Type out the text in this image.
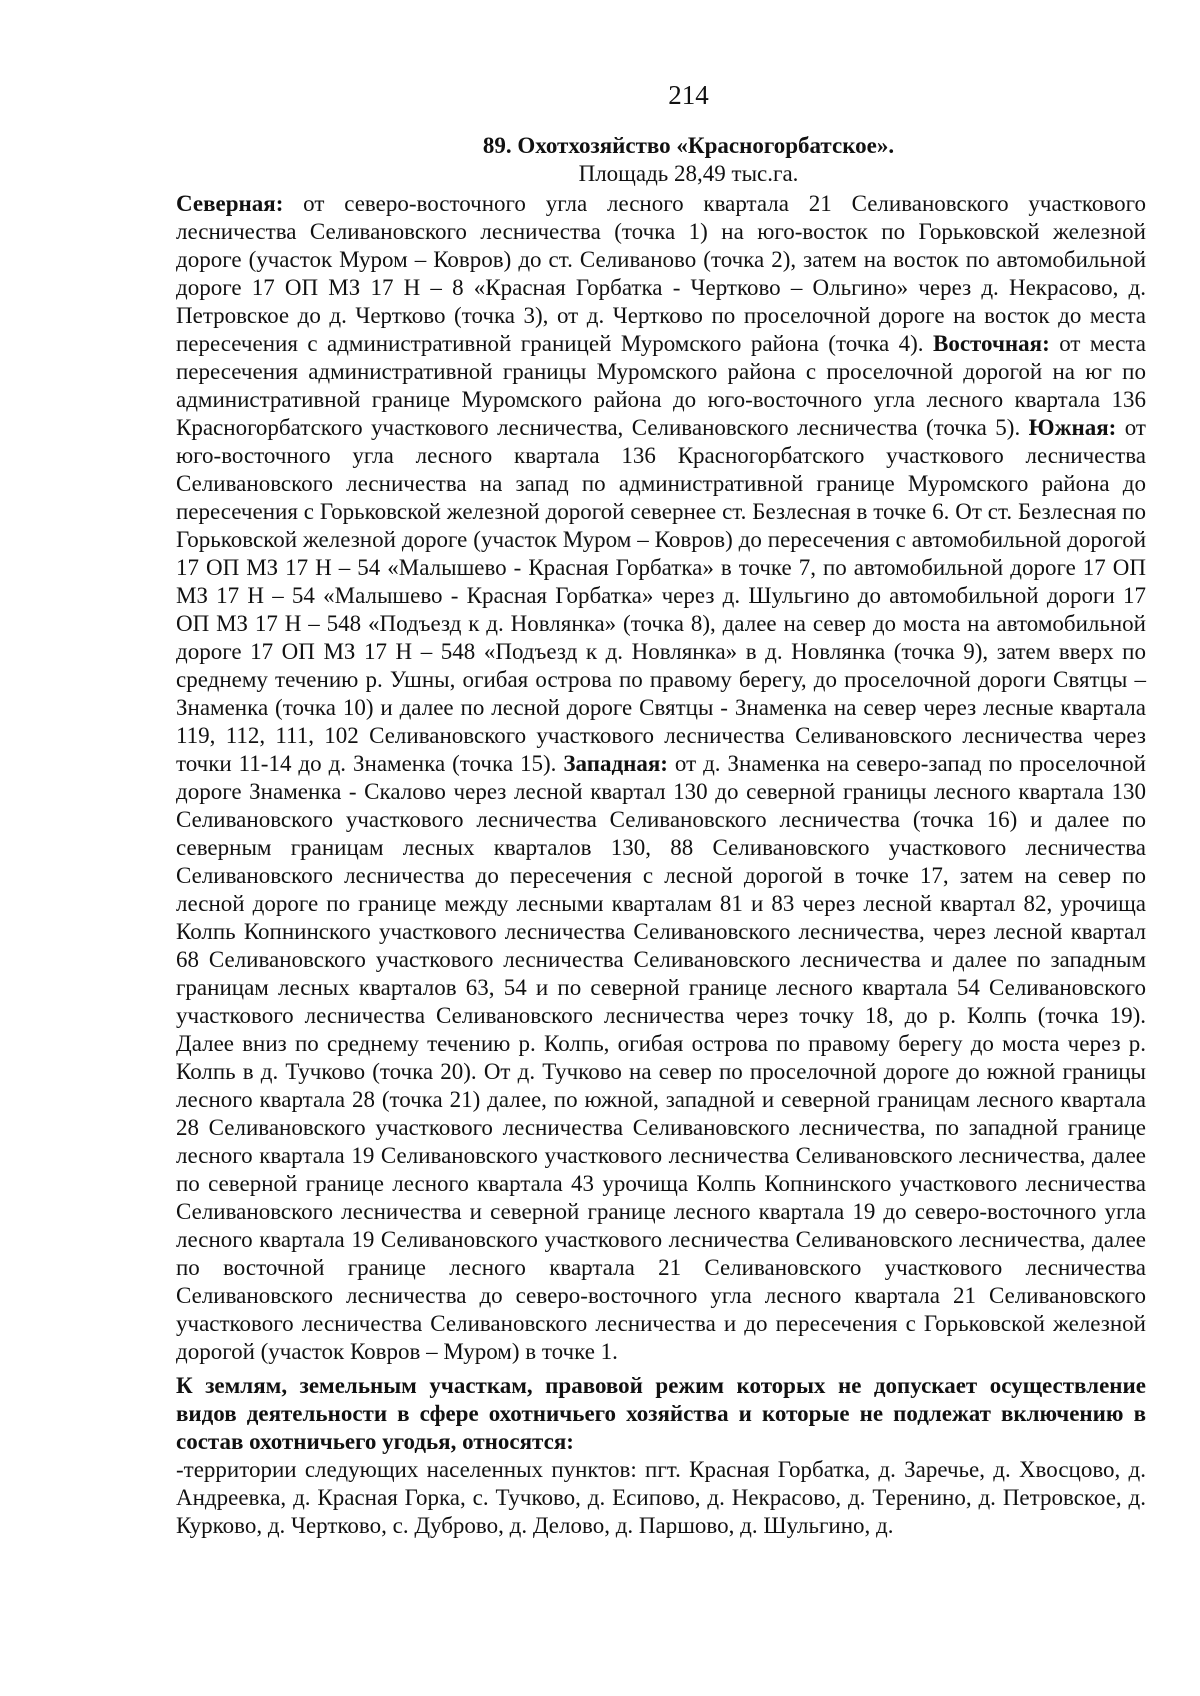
214
89. Охотхозяйство «Красногорбатское».
Площадь 28,49 тыс.га.

Северная: от северо-восточного угла лесного квартала 21 Селивановского участкового лесничества Селивановского лесничества (точка 1) на юго-восток по Горьковской железной дороге (участок Муром – Ковров) до ст. Селиваново (точка 2), затем на восток по автомобильной дороге 17 ОП МЗ 17 Н – 8 «Красная Горбатка - Чертково – Ольгино» через д. Некрасово, д. Петровское до д. Чертково (точка 3), от д. Чертково по проселочной дороге на восток до места пересечения с административной границей Муромского района (точка 4). Восточная: от места пересечения административной границы Муромского района с проселочной дорогой на юг по административной границе Муромского района до юго-восточного угла лесного квартала 136 Красногорбатского участкового лесничества, Селивановского лесничества (точка 5). Южная: от юго-восточного угла лесного квартала 136 Красногорбатского участкового лесничества Селивановского лесничества на запад по административной границе Муромского района до пересечения с Горьковской железной дорогой севернее ст. Безлесная в точке 6. От ст. Безлесная по Горьковской железной дороге (участок Муром – Ковров) до пересечения с автомобильной дорогой 17 ОП МЗ 17 Н – 54 «Малышево - Красная Горбатка» в точке 7, по автомобильной дороге 17 ОП МЗ 17 Н – 54 «Малышево - Красная Горбатка» через д. Шульгино до автомобильной дороги 17 ОП МЗ 17 Н – 548 «Подъезд к д. Новлянка» (точка 8), далее на север до моста на автомобильной дороге 17 ОП МЗ 17 Н – 548 «Подъезд к д. Новлянка» в д. Новлянка (точка 9), затем вверх по среднему течению р. Ушны, огибая острова по правому берегу, до проселочной дороги Святцы – Знаменка (точка 10) и далее по лесной дороге Святцы - Знаменка на север через лесные квартала 119, 112, 111, 102 Селивановского участкового лесничества Селивановского лесничества через точки 11-14 до д. Знаменка (точка 15). Западная: от д. Знаменка на северо-запад по проселочной дороге Знаменка - Скалово через лесной квартал 130 до северной границы лесного квартала 130 Селивановского участкового лесничества Селивановского лесничества (точка 16) и далее по северным границам лесных кварталов 130, 88 Селивановского участкового лесничества Селивановского лесничества до пересечения с лесной дорогой в точке 17, затем на север по лесной дороге по границе между лесными кварталам 81 и 83 через лесной квартал 82, урочища Колпь Копнинского участкового лесничества Селивановского лесничества, через лесной квартал 68 Селивановского участкового лесничества Селивановского лесничества и далее по западным границам лесных кварталов 63, 54 и по северной границе лесного квартала 54 Селивановского участкового лесничества Селивановского лесничества через точку 18, до р. Колпь (точка 19). Далее вниз по среднему течению р. Колпь, огибая острова по правому берегу до моста через р. Колпь в д. Тучково (точка 20). От д. Тучково на север по проселочной дороге до южной границы лесного квартала 28 (точка 21) далее, по южной, западной и северной границам лесного квартала 28 Селивановского участкового лесничества Селивановского лесничества, по западной границе лесного квартала 19 Селивановского участкового лесничества Селивановского лесничества, далее по северной границе лесного квартала 43 урочища Колпь Копнинского участкового лесничества Селивановского лесничества и северной границе лесного квартала 19 до северо-восточного угла лесного квартала 19 Селивановского участкового лесничества Селивановского лесничества, далее по восточной границе лесного квартала 21 Селивановского участкового лесничества Селивановского лесничества до северо-восточного угла лесного квартала 21 Селивановского участкового лесничества Селивановского лесничества и до пересечения с Горьковской железной дорогой (участок Ковров – Муром) в точке 1.

К землям, земельным участкам, правовой режим которых не допускает осуществление видов деятельности в сфере охотничьего хозяйства и которые не подлежат включению в состав охотничьего угодья, относятся:

-территории следующих населенных пунктов: пгт. Красная Горбатка, д. Заречье, д. Хвосцово, д. Андреевка, д. Красная Горка, с. Тучково, д. Есипово, д. Некрасово, д. Теренино, д. Петровское, д. Курково, д. Чертково, с. Дуброво, д. Делово, д. Паршово, д. Шульгино, д.
